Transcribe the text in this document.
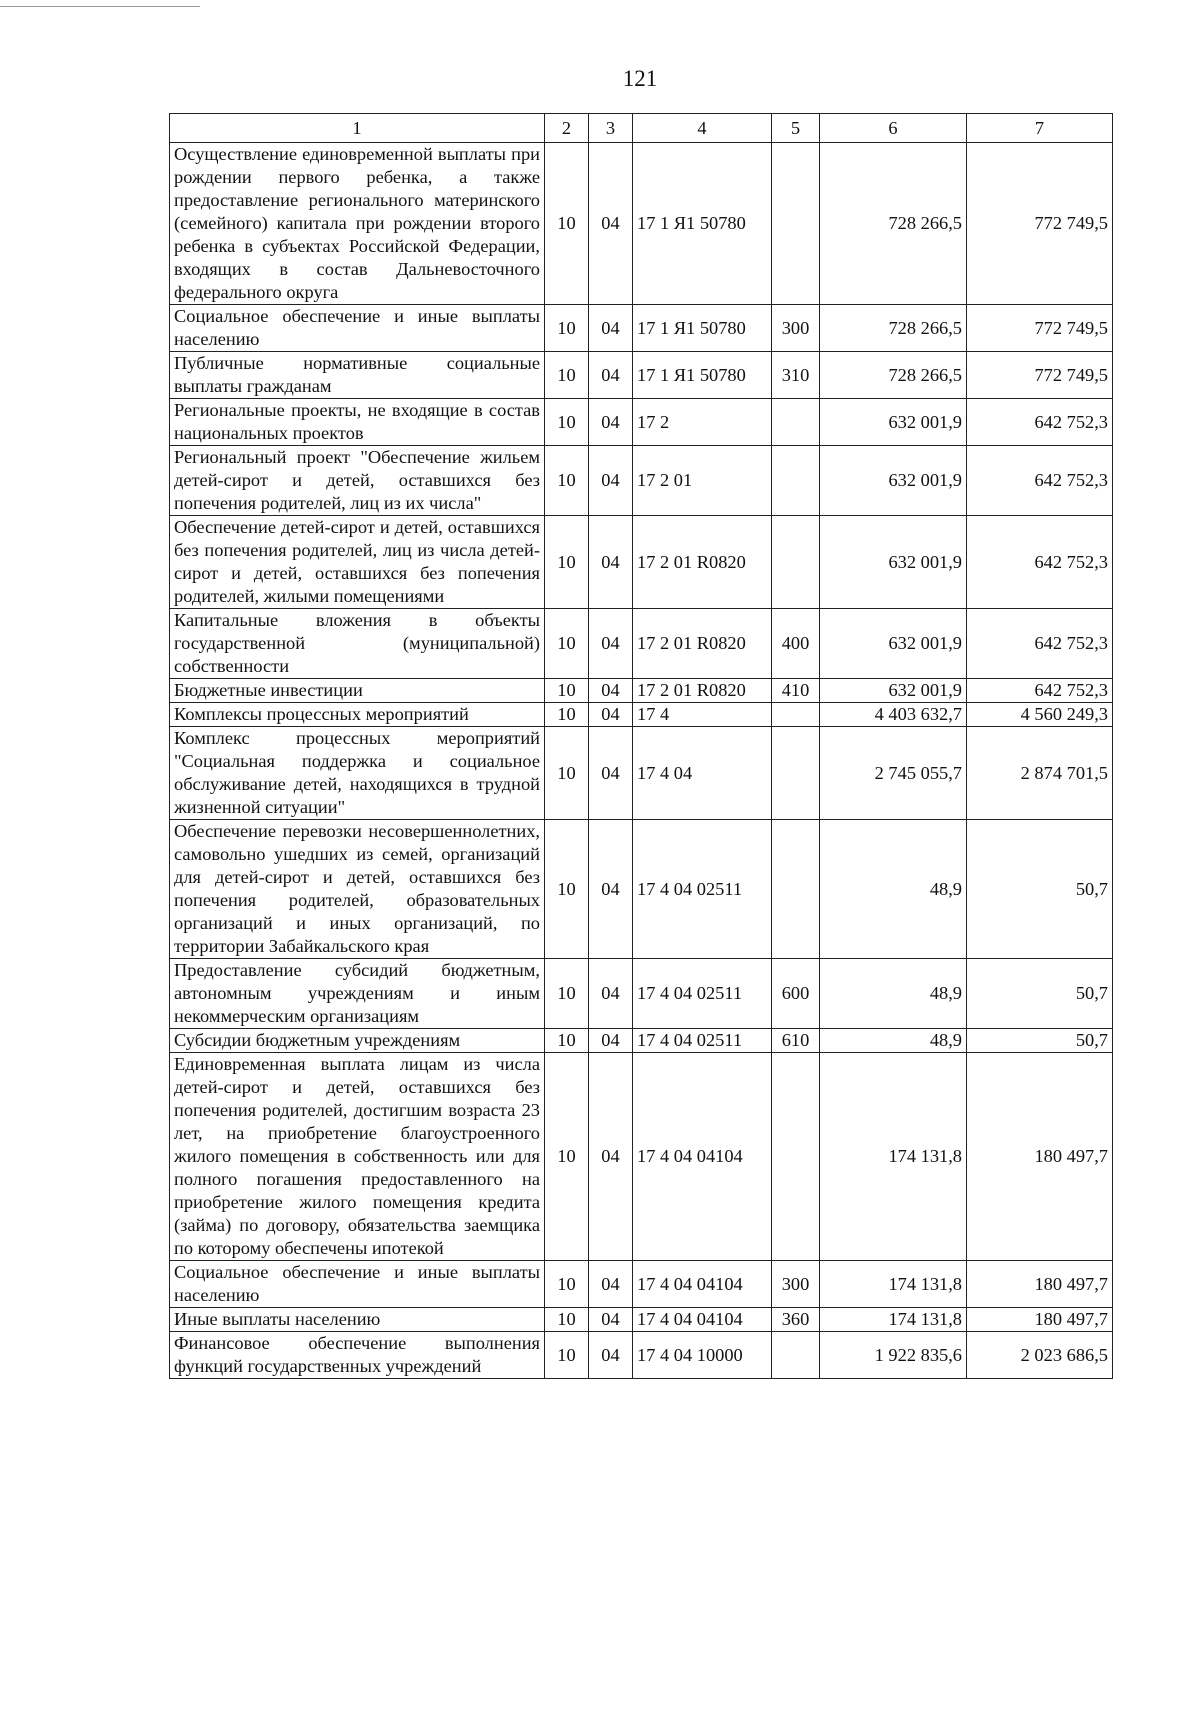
121
1	2	3	4	5	6	7
Осуществление единовременной выплаты при рождении первого ребенка, а также предоставление регионального материнского (семейного) капитала при рождении второго ребенка в субъектах Российской Федерации, входящих в состав Дальневосточного федерального округа	10	04	17 1 Я1 50780		728 266,5	772 749,5
Социальное обеспечение и иные выплаты населению	10	04	17 1 Я1 50780	300	728 266,5	772 749,5
Публичные нормативные социальные выплаты гражданам	10	04	17 1 Я1 50780	310	728 266,5	772 749,5
Региональные проекты, не входящие в состав национальных проектов	10	04	17 2		632 001,9	642 752,3
Региональный проект "Обеспечение жильем детей-сирот и детей, оставшихся без попечения родителей, лиц из их числа"	10	04	17 2 01		632 001,9	642 752,3
Обеспечение детей-сирот и детей, оставшихся без попечения родителей, лиц из числа детей-сирот и детей, оставшихся без попечения родителей, жилыми помещениями	10	04	17 2 01 R0820		632 001,9	642 752,3
Капитальные вложения в объекты государственной (муниципальной) собственности	10	04	17 2 01 R0820	400	632 001,9	642 752,3
Бюджетные инвестиции	10	04	17 2 01 R0820	410	632 001,9	642 752,3
Комплексы процессных мероприятий	10	04	17 4		4 403 632,7	4 560 249,3
Комплекс процессных мероприятий "Социальная поддержка и социальное обслуживание детей, находящихся в трудной жизненной ситуации"	10	04	17 4 04		2 745 055,7	2 874 701,5
Обеспечение перевозки несовершеннолетних, самовольно ушедших из семей, организаций для детей-сирот и детей, оставшихся без попечения родителей, образовательных организаций и иных организаций, по территории Забайкальского края	10	04	17 4 04 02511		48,9	50,7
Предоставление субсидий бюджетным, автономным учреждениям и иным некоммерческим организациям	10	04	17 4 04 02511	600	48,9	50,7
Субсидии бюджетным учреждениям	10	04	17 4 04 02511	610	48,9	50,7
Единовременная выплата лицам из числа детей-сирот и детей, оставшихся без попечения родителей, достигшим возраста 23 лет, на приобретение благоустроенного жилого помещения в собственность или для полного погашения предоставленного на приобретение жилого помещения кредита (займа) по договору, обязательства заемщика по которому обеспечены ипотекой	10	04	17 4 04 04104		174 131,8	180 497,7
Социальное обеспечение и иные выплаты населению	10	04	17 4 04 04104	300	174 131,8	180 497,7
Иные выплаты населению	10	04	17 4 04 04104	360	174 131,8	180 497,7
Финансовое обеспечение выполнения функций государственных учреждений	10	04	17 4 04 10000		1 922 835,6	2 023 686,5
